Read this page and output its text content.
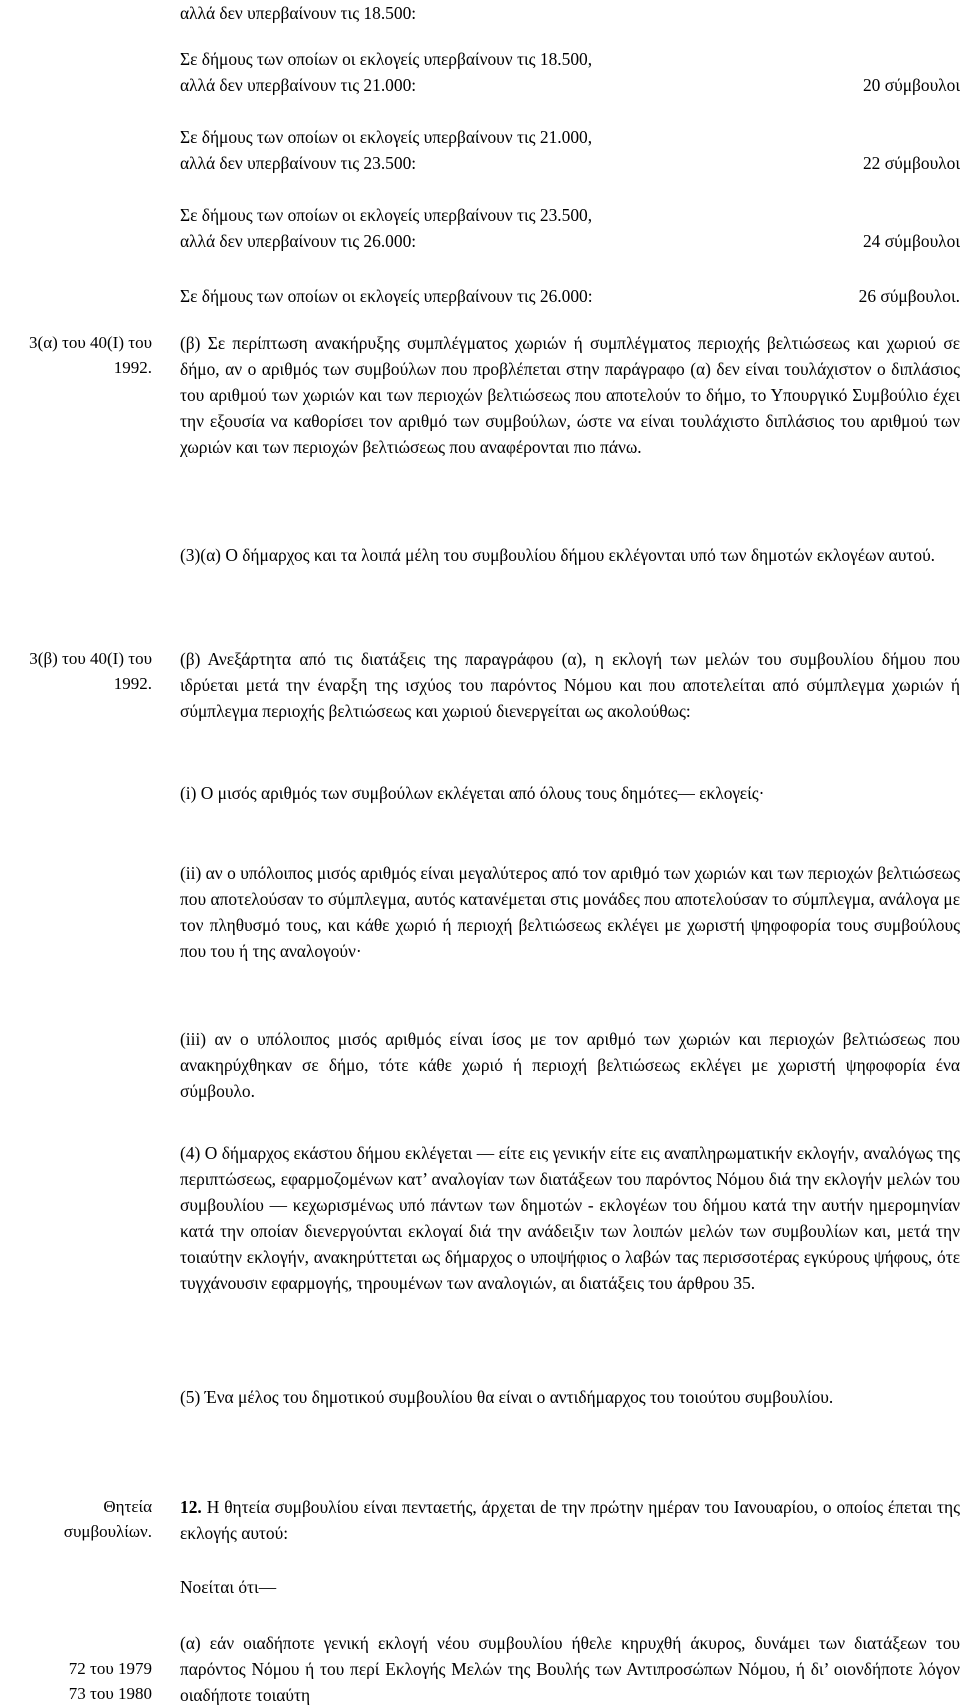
αλλά δεν υπερβαίνουν τις 18.500:
Σε δήμους των οποίων οι εκλογείς υπερβαίνουν τις 18.500,
αλλά δεν υπερβαίνουν τις 21.000:	20 σύμβουλοι
Σε δήμους των οποίων οι εκλογείς υπερβαίνουν τις 21.000,
αλλά δεν υπερβαίνουν τις 23.500:	22 σύμβουλοι
Σε δήμους των οποίων οι εκλογείς υπερβαίνουν τις 23.500,
αλλά δεν υπερβαίνουν τις 26.000:	24 σύμβουλοι
Σε δήμους των οποίων οι εκλογείς υπερβαίνουν τις 26.000:	26 σύμβουλοι.
3(α) του 40(Ι) του
1992.
(β) Σε περίπτωση ανακήρυξης συμπλέγματος χωριών ή συμπλέγματος περιοχής βελτιώσεως και χωριού σε δήμο, αν ο αριθμός των συμβούλων που προβλέπεται στην παράγραφο (α) δεν είναι τουλάχιστον ο διπλάσιος του αριθμού των χωριών και των περιοχών βελτιώσεως που αποτελούν το δήμο, το Υπουργικό Συμβούλιο έχει την εξουσία να καθορίσει τον αριθμό των συμβούλων, ώστε να είναι τουλάχιστο διπλάσιος του αριθμού των χωριών και των περιοχών βελτιώσεως που αναφέρονται πιο πάνω.
(3)(α) Ο δήμαρχος και τα λοιπά μέλη του συμβουλίου δήμου εκλέγονται υπό των δημοτών εκλογέων αυτού.
3(β) του 40(Ι) του
1992.
(β) Ανεξάρτητα από τις διατάξεις της παραγράφου (α), η εκλογή των μελών του συμβουλίου δήμου που ιδρύεται μετά την έναρξη της ισχύος του παρόντος Νόμου και που αποτελείται από σύμπλεγμα χωριών ή σύμπλεγμα περιοχής βελτιώσεως και χωριού διενεργείται ως ακολούθως:
(i) Ο μισός αριθμός των συμβούλων εκλέγεται από όλους τους δημότες— εκλογείς·
(ii) αν ο υπόλοιπος μισός αριθμός είναι μεγαλύτερος από τον αριθμό των χωριών και των περιοχών βελτιώσεως που αποτελούσαν το σύμπλεγμα, αυτός κατανέμεται στις μονάδες που αποτελούσαν το σύμπλεγμα, ανάλογα με τον πληθυσμό τους, και κάθε χωριό ή περιοχή βελτιώσεως εκλέγει με χωριστή ψηφοφορία τους συμβούλους που του ή της αναλογούν·
(iii) αν ο υπόλοιπος μισός αριθμός είναι ίσος με τον αριθμό των χωριών και περιοχών βελτιώσεως που ανακηρύχθηκαν σε δήμο, τότε κάθε χωριό ή περιοχή βελτιώσεως εκλέγει με χωριστή ψηφοφορία ένα σύμβουλο.
(4) Ο δήμαρχος εκάστου δήμου εκλέγεται — είτε εις γενικήν είτε εις αναπληρωματικήν εκλογήν, αναλόγως της περιπτώσεως, εφαρμοζομένων κατ’ αναλογίαν των διατάξεων του παρόντος Νόμου διά την εκλογήν μελών του συμβουλίου — κεχωρισμένως υπό πάντων των δημοτών - εκλογέων του δήμου κατά την αυτήν ημερομηνίαν κατά την οποίαν διενεργούνται εκλογαί διά την ανάδειξιν των λοιπών μελών των συμβουλίων και, μετά την τοιαύτην εκλογήν, ανακηρύττεται ως δήμαρχος ο υποψήφιος ο λαβών τας περισσοτέρας εγκύρους ψήφους, ότε τυγχάνουσιν εφαρμογής, τηρουμένων των αναλογιών, αι διατάξεις του άρθρου 35.
(5) Ένα μέλος του δημοτικού συμβουλίου θα είναι ο αντιδήμαρχος του τοιούτου συμβουλίου.
Θητεία
συμβουλίων.
12. Η θητεία συμβουλίου είναι πενταετής, άρχεται de την πρώτην ημέραν του Ιανουαρίου, ο οποίος έπεται της εκλογής αυτού:
Νοείται ότι—
72 του 1979
73 του 1980
(α) εάν οιαδήποτε γενική εκλογή νέου συμβουλίου ήθελε κηρυχθή άκυρος, δυνάμει των διατάξεων του παρόντος Νόμου ή του περί Εκλογής Μελών της Βουλής των Αντιπροσώπων Νόμου, ή δι’ οιονδήποτε λόγον οιαδήποτε τοιαύτη
